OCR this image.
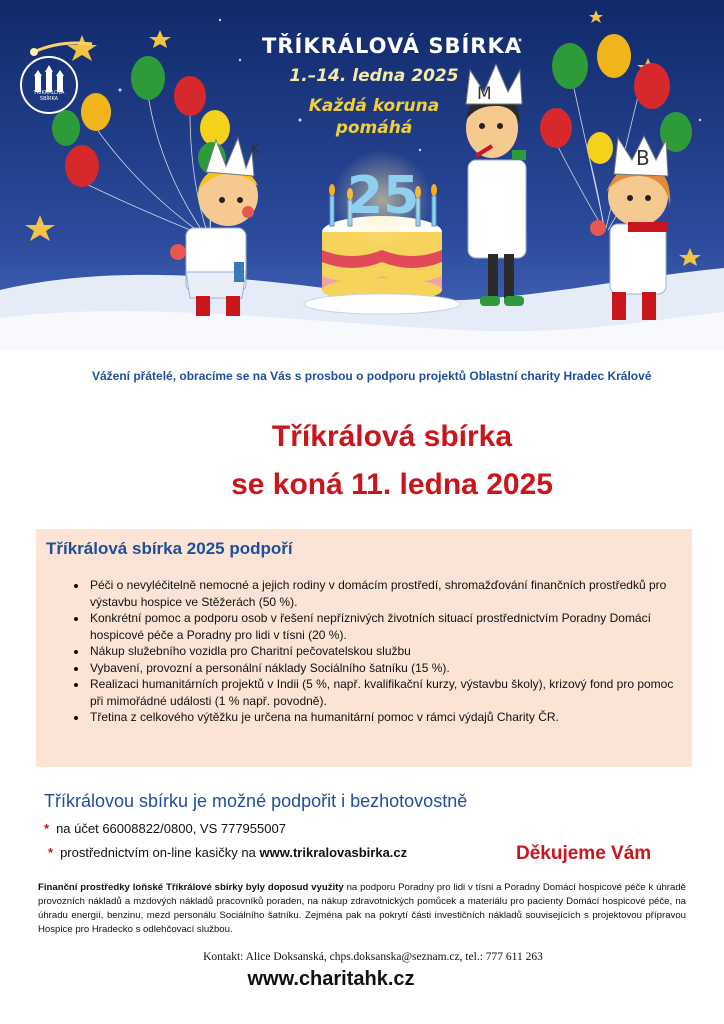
TŘÍKRÁLOVÁ SBÍRKA
1.–14. ledna 2025
Každá koruna
pomáhá
25
K
M
B
TŘÍKRÁLOVÁ
SBÍRKA
Vážení přátelé, obracíme se na Vás s prosbou o podporu projektů Oblastní charity Hradec Králové
Tříkrálová sbírka
se koná 11. ledna 2025
Tříkrálová sbírka 2025 podpoří
• Péči o nevyléčitelně nemocné a jejich rodiny v domácím prostředí, shromažďování finančních prostředků pro výstavbu hospice ve Stěžerách (50 %).
• Konkrétní pomoc a podporu osob v řešení nepříznivých životních situací prostřednictvím Poradny Domácí hospicové péče a Poradny pro lidi v tísni (20 %).
• Nákup služebního vozidla pro Charitní pečovatelskou službu
• Vybavení, provozní a personální náklady Sociálního šatníku (15 %).
• Realizaci humanitárních projektů v Indii (5 %, např. kvalifikační kurzy, výstavbu školy), krizový fond pro pomoc při mimořádné události (1 % např. povodně).
• Třetina z celkového výtěžku je určena na humanitární pomoc v rámci výdajů Charity ČR.
Tříkrálovou sbírku je možné podpořit i bezhotovostně
* na účet 66008822/0800, VS 777955007
* prostřednictvím on-line kasičky na www.trikralovasbirka.cz	Děkujeme Vám

Finanční prostředky loňské Tříkrálové sbírky byly doposud využity na podporu Poradny pro lidi v tísni a Poradny Domácí hospicové péče k úhradě provozních nákladů a mzdových nákladů pracovníků poraden, na nákup zdravotnických pomůcek a materiálu pro pacienty Domácí hospicové péče, na úhradu energií, benzinu, mezd personálu Sociálního šatníku. Zejména pak na pokrytí části investičních nákladů souvisejících s projektovou přípravou Hospice pro Hradecko s odlehčovací službou.

Kontakt: Alice Doksanská, chps.doksanska@seznam.cz, tel.: 777 611 263
www.charitahk.cz
